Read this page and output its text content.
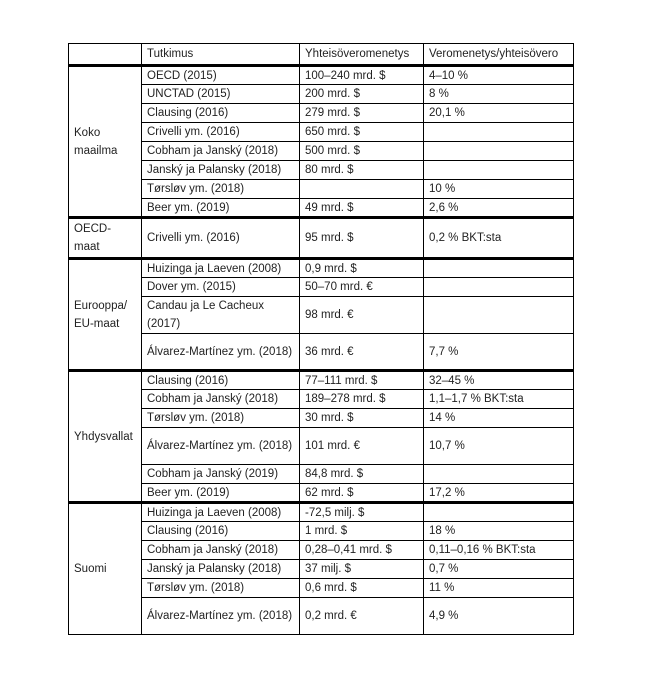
	Tutkimus	Yhteisöveromenetys	Veromenetys/yhteisövero
Koko maailma	OECD (2015)	100–240 mrd. $	4–10 %
	UNCTAD (2015)	200 mrd. $	8 %
	Clausing (2016)	279 mrd. $	20,1 %
	Crivelli ym. (2016)	650 mrd. $	
	Cobham ja Janský (2018)	500 mrd. $	
	Janský ja Palansky (2018)	80 mrd. $	
	Tørsløv ym. (2018)		10 %
	Beer ym. (2019)	49 mrd. $	2,6 %
OECD-maat	Crivelli ym. (2016)	95 mrd. $	0,2 % BKT:sta
Eurooppa/ EU-maat	Huizinga ja Laeven (2008)	0,9 mrd. $	
	Dover ym. (2015)	50–70 mrd. €	
	Candau ja Le Cacheux (2017)	98 mrd. €	
	Álvarez-Martínez ym. (2018)	36 mrd. €	7,7 %
Yhdysvallat	Clausing (2016)	77–111 mrd. $	32–45 %
	Cobham ja Janský (2018)	189–278 mrd. $	1,1–1,7 % BKT:sta
	Tørsløv ym. (2018)	30 mrd. $	14 %
	Álvarez-Martínez ym. (2018)	101 mrd. €	10,7 %
	Cobham ja Janský (2019)	84,8 mrd. $	
	Beer ym. (2019)	62 mrd. $	17,2 %
Suomi	Huizinga ja Laeven (2008)	-72,5 milj. $	
	Clausing (2016)	1 mrd. $	18 %
	Cobham ja Janský (2018)	0,28–0,41 mrd. $	0,11–0,16 % BKT:sta
	Janský ja Palansky (2018)	37 milj. $	0,7 %
	Tørsløv ym. (2018)	0,6 mrd. $	11 %
	Álvarez-Martínez ym. (2018)	0,2 mrd. €	4,9 %
